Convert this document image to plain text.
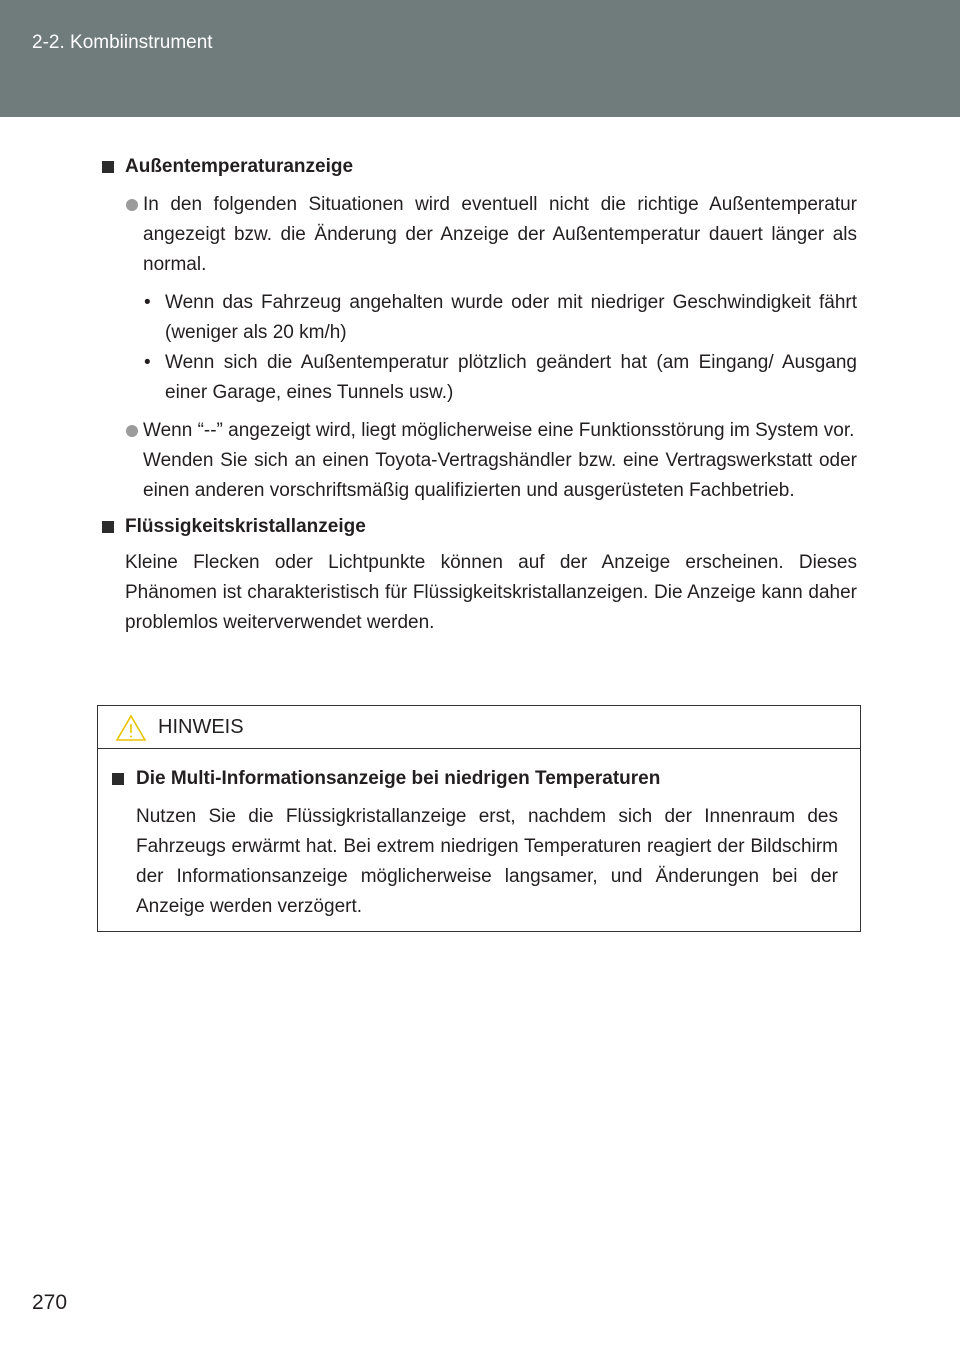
2-2. Kombiinstrument
Außentemperaturanzeige
In den folgenden Situationen wird eventuell nicht die richtige Außentemperatur angezeigt bzw. die Änderung der Anzeige der Außentemperatur dauert länger als normal.
• Wenn das Fahrzeug angehalten wurde oder mit niedriger Geschwindigkeit fährt (weniger als 20 km/h)
• Wenn sich die Außentemperatur plötzlich geändert hat (am Eingang/ Ausgang einer Garage, eines Tunnels usw.)
Wenn “--” angezeigt wird, liegt möglicherweise eine Funktionsstörung im System vor.
Wenden Sie sich an einen Toyota-Vertragshändler bzw. eine Vertragswerkstatt oder einen anderen vorschriftsmäßig qualifizierten und ausgerüsteten Fachbetrieb.
Flüssigkeitskristallanzeige
Kleine Flecken oder Lichtpunkte können auf der Anzeige erscheinen. Dieses Phänomen ist charakteristisch für Flüssigkeitskristallanzeigen. Die Anzeige kann daher problemlos weiterverwendet werden.
HINWEIS
Die Multi-Informationsanzeige bei niedrigen Temperaturen
Nutzen Sie die Flüssigkristallanzeige erst, nachdem sich der Innenraum des Fahrzeugs erwärmt hat. Bei extrem niedrigen Temperaturen reagiert der Bildschirm der Informationsanzeige möglicherweise langsamer, und Änderungen bei der Anzeige werden verzögert.
270
